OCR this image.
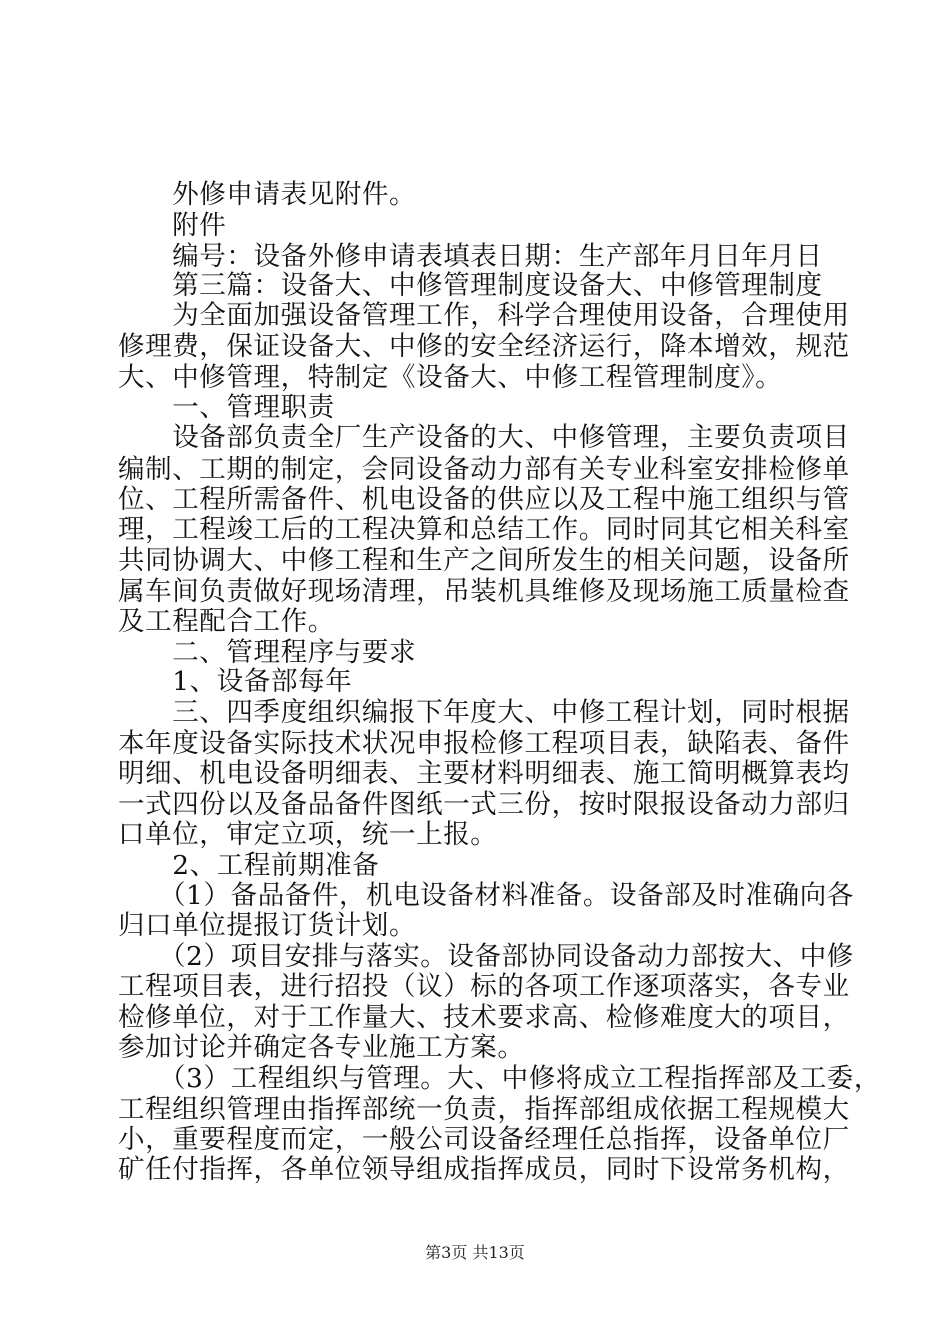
　　外修申请表见附件。
　　附件
　　编号：设备外修申请表填表日期：生产部年月日年月日
　　第三篇：设备大、中修管理制度设备大、中修管理制度
　　为全面加强设备管理工作，科学合理使用设备，合理使用
修理费，保证设备大、中修的安全经济运行，降本增效，规范
大、中修管理，特制定《设备大、中修工程管理制度》。
　　一、管理职责
　　设备部负责全厂生产设备的大、中修管理，主要负责项目
编制、工期的制定，会同设备动力部有关专业科室安排检修单
位、工程所需备件、机电设备的供应以及工程中施工组织与管
理，工程竣工后的工程决算和总结工作。同时同其它相关科室
共同协调大、中修工程和生产之间所发生的相关问题，设备所
属车间负责做好现场清理，吊装机具维修及现场施工质量检查
及工程配合工作。
　　二、管理程序与要求
　　1、设备部每年
　　三、四季度组织编报下年度大、中修工程计划，同时根据
本年度设备实际技术状况申报检修工程项目表，缺陷表、备件
明细、机电设备明细表、主要材料明细表、施工简明概算表均
一式四份以及备品备件图纸一式三份，按时限报设备动力部归
口单位，审定立项，统一上报。
　　2、工程前期准备
　　（1）备品备件，机电设备材料准备。设备部及时准确向各
归口单位提报订货计划。
　　（2）项目安排与落实。设备部协同设备动力部按大、中修
工程项目表，进行招投（议）标的各项工作逐项落实，各专业
检修单位，对于工作量大、技术要求高、检修难度大的项目，
参加讨论并确定各专业施工方案。
　　（3）工程组织与管理。大、中修将成立工程指挥部及工委，
工程组织管理由指挥部统一负责，指挥部组成依据工程规模大
小，重要程度而定，一般公司设备经理任总指挥，设备单位厂
矿任付指挥，各单位领导组成指挥成员，同时下设常务机构，
第3页 共13页
